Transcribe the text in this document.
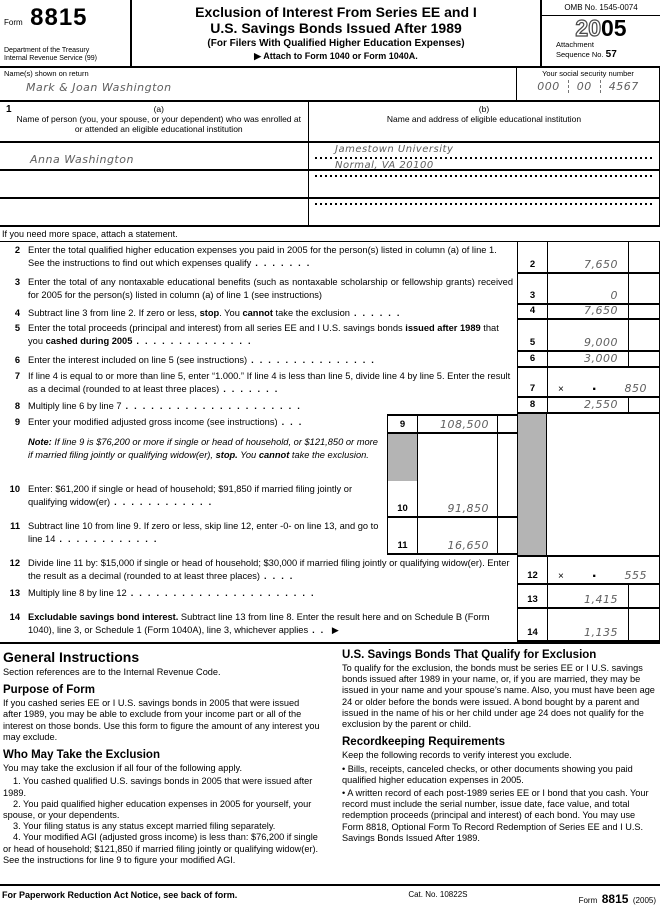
Form 8815
Department of the Treasury
Internal Revenue Service (99)
Exclusion of Interest From Series EE and I
U.S. Savings Bonds Issued After 1989
(For Filers With Qualified Higher Education Expenses)
▶ Attach to Form 1040 or Form 1040A.
OMB No. 1545-0074
2005
Attachment
Sequence No. 57
Name(s) shown on return
Mark & Joan Washington
Your social security number
000	00	4567
1	(a)
Name of person (you, your spouse, or your dependent) who was enrolled at or attended an eligible educational institution
(b)
Name and address of eligible educational institution
Anna Washington
Jamestown University
Normal, VA 20100
If you need more space, attach a statement.
2 Enter the total qualified higher education expenses you paid in 2005 for the person(s) listed in column (a) of line 1. See the instructions to find out which expenses qualify .......	2	7,650
3 Enter the total of any nontaxable educational benefits (such as nontaxable scholarship or fellowship grants) received for 2005 for the person(s) listed in column (a) of line 1 (see instructions)	3	0
4 Subtract line 3 from line 2. If zero or less, stop. You cannot take the exclusion ......	4	7,650
5 Enter the total proceeds (principal and interest) from all series EE and I U.S. savings bonds issued after 1989 that you cashed during 2005 ..............	5	9,000
6 Enter the interest included on line 5 (see instructions) ...............	6	3,000
7 If line 4 is equal to or more than line 5, enter “1.000.” If line 4 is less than line 5, divide line 4 by line 5. Enter the result as a decimal (rounded to at least three places) .......	7	× .	850
8 Multiply line 6 by line 7 .....................	8	2,550
9 Enter your modified adjusted gross income (see instructions) ...	9	108,500
Note: If line 9 is $76,200 or more if single or head of household, or $121,850 or more if married filing jointly or qualifying widow(er), stop. You cannot take the exclusion.
10 Enter: $61,200 if single or head of household; $91,850 if married filing jointly or qualifying widow(er) ............
10	91,850
11 Subtract line 10 from line 9. If zero or less, skip line 12, enter -0- on line 13, and go to line 14 ............
11	16,650
12 Divide line 11 by: $15,000 if single or head of household; $30,000 if married filing jointly or qualifying widow(er). Enter the result as a decimal (rounded to at least three places) ....	12	× .	555
13 Multiply line 8 by line 12 ......................
13	1,415
14 Excludable savings bond interest. Subtract line 13 from line 8. Enter the result here and on Schedule B (Form 1040), line 3, or Schedule 1 (Form 1040A), line 3, whichever applies .. ▶	14	1,135
General Instructions

Section references are to the Internal Revenue Code.

Purpose of Form

If you cashed series EE or I U.S. savings bonds in 2005 that were issued after 1989, you may be able to exclude from your income part or all of the interest on those bonds. Use this form to figure the amount of any interest you may exclude.

Who May Take the Exclusion

You may take the exclusion if all four of the following apply.

1. You cashed qualified U.S. savings bonds in 2005 that were issued after 1989.

2. You paid qualified higher education expenses in 2005 for yourself, your spouse, or your dependents.

3. Your filing status is any status except married filing separately.

4. Your modified AGI (adjusted gross income) is less than: $76,200 if single or head of household; $121,850 if married filing jointly or qualifying widow(er). See the instructions for line 9 to figure your modified AGI.

U.S. Savings Bonds That Qualify for Exclusion

To qualify for the exclusion, the bonds must be series EE or I U.S. savings bonds issued after 1989 in your name, or, if you are married, they may be issued in your name and your spouse’s name. Also, you must have been age 24 or older before the bonds were issued. A bond bought by a parent and issued in the name of his or her child under age 24 does not qualify for the exclusion by the parent or child.

Recordkeeping Requirements

Keep the following records to verify interest you exclude.

• Bills, receipts, canceled checks, or other documents showing you paid qualified higher education expenses in 2005.

• A written record of each post-1989 series EE or I bond that you cash. Your record must include the serial number, issue date, face value, and total redemption proceeds (principal and interest) of each bond. You may use Form 8818, Optional Form To Record Redemption of Series EE and I U.S. Savings Bonds Issued After 1989.

For Paperwork Reduction Act Notice, see back of form.	Cat. No. 10822S
Form 8815 (2005)
